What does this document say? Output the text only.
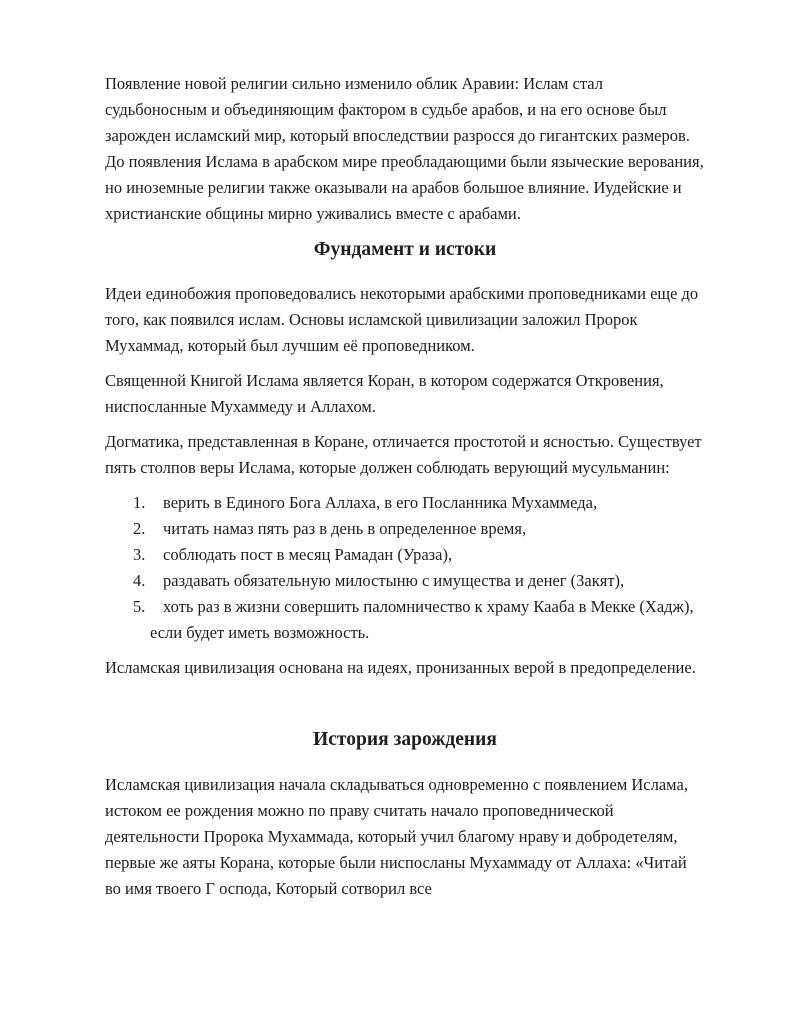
Появление новой религии сильно изменило облик Аравии: Ислам стал судьбоносным и объединяющим фактором в судьбе арабов, и на его основе был зарожден исламский мир, который впоследствии разросся до гигантских размеров. До появления Ислама в арабском мире преобладающими были языческие верования, но иноземные религии также оказывали на арабов большое влияние. Иудейские и христианские общины мирно уживались вместе с арабами.

Фундамент и истоки

Идеи единобожия проповедовались некоторыми арабскими проповедниками еще до того, как появился ислам. Основы исламской цивилизации заложил Пророк Мухаммад, который был лучшим её проповедником.

Священной Книгой Ислама является Коран, в котором содержатся Откровения, ниспосланные Мухаммеду и Аллахом.

Догматика, представленная в Коране, отличается простотой и ясностью. Существует пять столпов веры Ислама, которые должен соблюдать верующий мусульманин:

1. верить в Единого Бога Аллаха, в его Посланника Мухаммеда,
2. читать намаз пять раз в день в определенное время,
3. соблюдать пост в месяц Рамадан (Ураза),
4. раздавать обязательную милостыню с имущества и денег (Закят),
5. хоть раз в жизни совершить паломничество к храму Кааба в Мекке (Хадж), если будет иметь возможность.

Исламская цивилизация основана на идеях, пронизанных верой в предопределение.

История зарождения

Исламская цивилизация начала складываться одновременно с появлением Ислама, истоком ее рождения можно по праву считать начало проповеднической деятельности Пророка Мухаммада, который учил благому нраву и добродетелям, первые же аяты Корана, которые были ниспосланы Мухаммаду от Аллаха: «Читай во имя твоего Г оспода, Который сотворил все
